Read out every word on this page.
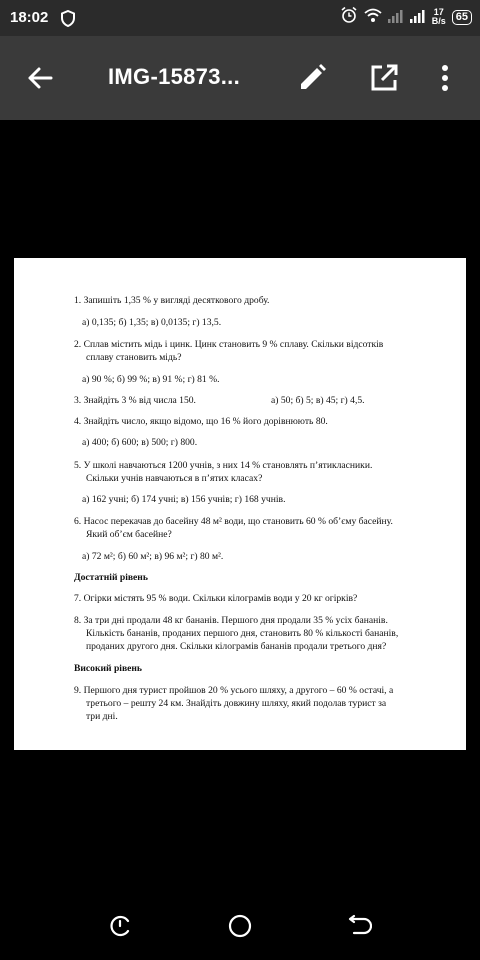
18:02	17
B/s 65
IMG-15873...
1. Запишіть 1,35 % у вигляді десяткового дробу.
а) 0,135; б) 1,35; в) 0,0135; г) 13,5.
2. Сплав містить мідь і цинк. Цинк становить 9 % сплаву. Скільки відсотків
сплаву становить мідь?
а) 90 %; б) 99 %; в) 91 %; г) 81 %.
3. Знайдіть 3 % від числа 150.	а) 50; б) 5; в) 45; г) 4,5.
4. Знайдіть число, якщо відомо, що 16 % його дорівнюють 80.
а) 400; б) 600; в) 500; г) 800.
5. У школі навчаються 1200 учнів, з них 14 % становлять п’ятикласники.
Скільки учнів навчаються в п’ятих класах?
а) 162 учні; б) 174 учні; в) 156 учнів; г) 168 учнів.
6. Насос перекачав до басейну 48 м² води, що становить 60 % об’єму басейну.
Який об’єм басейне?
а) 72 м²; б) 60 м²; в) 96 м²; г) 80 м².
Достатній рівень
7. Огірки містять 95 % води. Скільки кілограмів води у 20 кг огірків?
8. За три дні продали 48 кг бананів. Першого дня продали 35 % усіх бананів.
Кількість бананів, проданих першого дня, становить 80 % кількості бананів,
проданих другого дня. Скільки кілограмів бананів продали третього дня?
Високий рівень
9. Першого дня турист пройшов 20 % усього шляху, а другого – 60 % остачі, а
третього – решту 24 км. Знайдіть довжину шляху, який подолав турист за
три дні.
